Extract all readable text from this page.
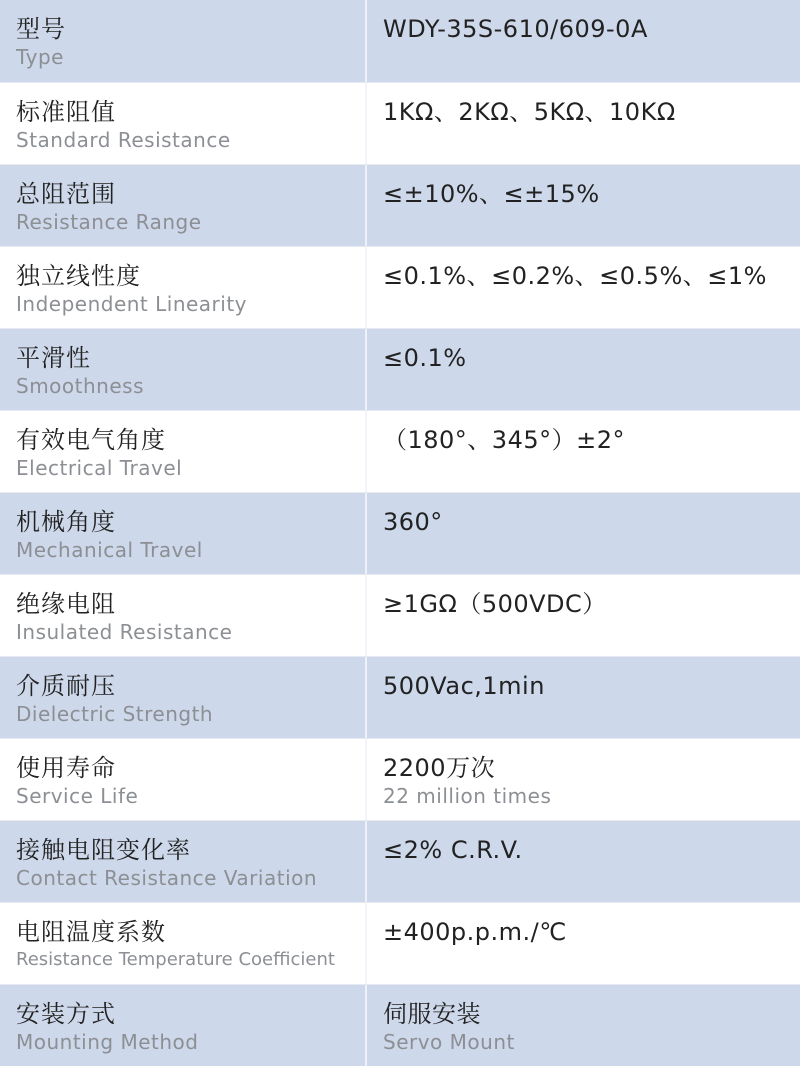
型号
Type
WDY-35S-610/609-0A
标准阻值
Standard Resistance
1KΩ、2KΩ、5KΩ、10KΩ
总阻范围
Resistance Range
≤±10%、≤±15%
独立线性度
Independent Linearity
≤0.1%、≤0.2%、≤0.5%、≤1%
平滑性
Smoothness
≤0.1%
有效电气角度
Electrical Travel
（180°、345°）±2°
机械角度
Mechanical Travel
360°
绝缘电阻
Insulated Resistance
≥1GΩ（500VDC）
介质耐压
Dielectric Strength
500Vac,1min
使用寿命
Service Life
2200万次
22 million times
接触电阻变化率
Contact Resistance Variation
≤2% C.R.V.
电阻温度系数
Resistance Temperature Coefficient
±400p.p.m./℃
安装方式
Mounting Method
伺服安装
Servo Mount
